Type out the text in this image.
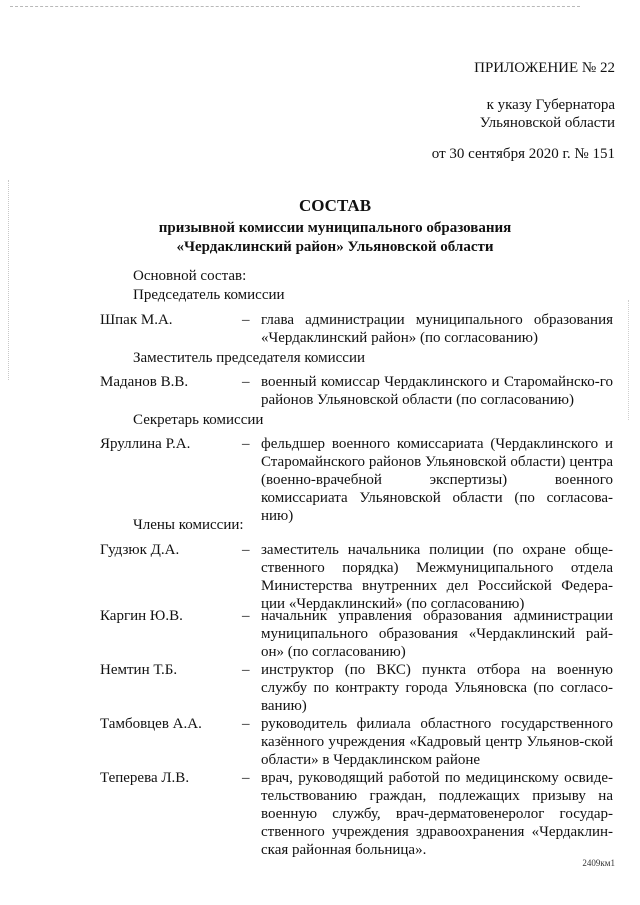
ПРИЛОЖЕНИЕ № 22
к указу Губернатора
Ульяновской области
от 30 сентября 2020 г. № 151
СОСТАВ
призывной комиссии муниципального образования
«Чердаклинский район» Ульяновской области
Основной состав:
Председатель комиссии
Шпак М.А.	– глава администрации муниципального образования «Чердаклинский район» (по согласованию)
Заместитель председателя комиссии
Маданов В.В.	– военный комиссар Чердаклинского и Старомайнско-го районов Ульяновской области (по согласованию)
Секретарь комиссии
Яруллина Р.А.	– фельдшер военного комиссариата (Чердаклинского и Старомайнского районов Ульяновской области) центра (военно-врачебной экспертизы) военного комиссариата Ульяновской области (по согласова-нию)
Члены комиссии:
Гудзюк Д.А.	– заместитель начальника полиции (по охране обще-ственного порядка) Межмуниципального отдела Министерства внутренних дел Российской Федера-ции «Чердаклинский» (по согласованию)
Каргин Ю.В.	– начальник управления образования администрации муниципального образования «Чердаклинский рай-он» (по согласованию)
Немтин Т.Б.	– инструктор (по ВКС) пункта отбора на военную службу по контракту города Ульяновска (по согласо-ванию)
Тамбовцев А.А.	– руководитель филиала областного государственного казённого учреждения «Кадровый центр Ульянов-ской области» в Чердаклинском районе
Теперева Л.В.	– врач, руководящий работой по медицинскому освиде-тельствованию граждан, подлежащих призыву на военную службу, врач-дерматовенеролог государ-ственного учреждения здравоохранения «Чердаклин-ская районная больница».
2409км1
